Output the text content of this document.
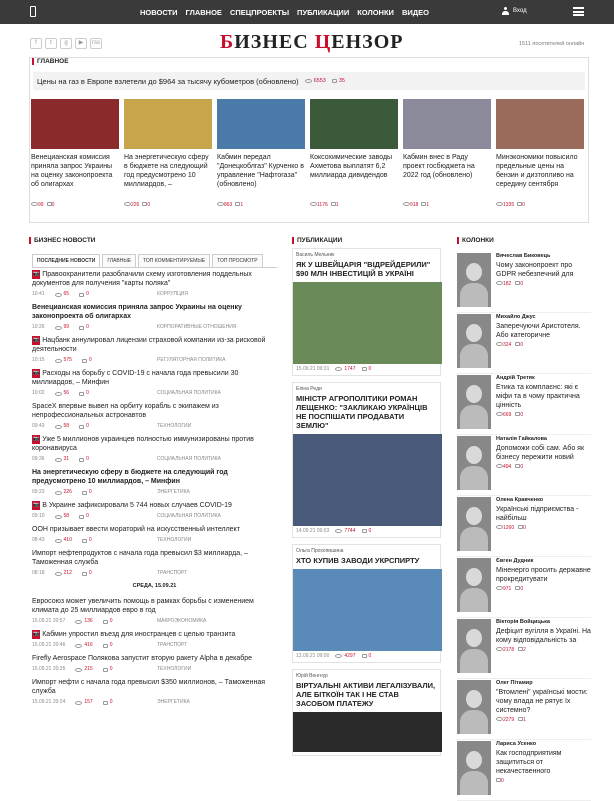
НОВОСТИ ГЛАВНОЕ СПЕЦПРОЕКТЫ ПУБЛИКАЦИИ КОЛОНКИ ВИДЕО	Вход
f	t	g	▶	rss	БИЗНЕС ЦЕНЗОР	1511 посетителей онлайн
ГЛАВНОЕ
Цены на газ в Европе взлетели до $964 за тысячу кубометров (обновлено)	6553 35
Венецианская комиссия приняла запрос Украины на оценку законопроекта об олигархах
99	0
На энергетическую сферу в бюджете на следующий год предусмотрено 10 миллиардов, –
226	0
Кабмин передал "Донецкоблгаз" Курченко в управление "Нафтогаза" (обновлено)
863	1
Коксохимические заводы Ахметова выплатят 6,2 миллиарда дивидендов
1176	1
Кабмин внес в Раду проект госбюджета на 2022 год (обновлено)
918	1
Минэкономики повысило предельные цены на бензин и дизтопливо на середину сентября
1335	0
БИЗНЕС НОВОСТИ
ПОСЛЕДНИЕ НОВОСТИ	ГЛАВНЫЕ	ТОП КОММЕНТИРУЕМЫЕ	ТОП ПРОСМОТР
📷 Правоохранители разоблачили схему изготовления поддельных документов для получения "карты поляка"
10:41	65	0	КОРРУПЦИЯ
Венецианская комиссия приняла запрос Украины на оценку законопроекта об олигархах
10:26	99	0	КОРПОРАТИВНЫЕ ОТНОШЕНИЯ
📷 Нацбанк аннулировал лицензии страховой компании из-за рисковой деятельности
10:15	575	0	РЕГУЛЯТОРНАЯ ПОЛИТИКА
📷 Расходы на борьбу с COVID-19 с начала года превысили 30 миллиардов, – Минфин
10:02	56	0	СОЦИАЛЬНАЯ ПОЛИТИКА
SpaceX впервые вывел на орбиту корабль с экипажем из непрофессиональных астронавтов
09:43	58	0	ТЕХНОЛОГИИ
📷 Уже 5 миллионов украинцев полностью иммунизированы против коронавируса
09:36	31	0	СОЦИАЛЬНАЯ ПОЛИТИКА
На энергетическую сферу в бюджете на следующий год предусмотрено 10 миллиардов, – Минфин
09:23	226	0	ЭНЕРГЕТИКА
📷 В Украине зафиксировали 5 744 новых случаев COVID-19
09:10	58	0	СОЦИАЛЬНАЯ ПОЛИТИКА
ООН призывает ввести мораторий на искусственный интеллект
08:43	410	0	ТЕХНОЛОГИИ
Импорт нефтепродуктов с начала года превысил $3 миллиарда, – Таможенная служба
08:18	212	0	ТРАНСПОРТ
СРЕДА, 15.09.21
Евросоюз может увеличить помощь в рамках борьбы с изменением климата до 25 миллиардов евро в год
15.09.21 20:57	136	0	МАКРОЭКОНОМИКА
📷 Кабмин упростил въезд для иностранцев с целью транзита
15.09.21 20:46	416	0	ТРАНСПОРТ
Firefly Aerospace Полякова запустит вторую ракету Alpha в декабре
15.09.21 20:35	215	0	ТЕХНОЛОГИИ
Импорт нефти с начала года превысил $350 миллионов, – Таможенная служба
15.09.21 20:24	157	0	ЭНЕРГЕТИКА
ПУБЛИКАЦИИ
Василь Мельник
ЯК У ШВЕЙЦАРІЯ "ВІДРЕЙДЕРИЛИ" $90 МЛН ІНВЕСТИЦІЙ В УКРАЇНІ
15.09.21 09:31	1747	0
Еліна Реди
МІНІСТР АГРОПОЛІТИКИ РОМАН ЛЕЩЕНКО: "ЗАКЛИКАЮ УКРАЇНЦІВ НЕ ПОСПІШАТИ ПРОДАВАТИ ЗЕМЛЮ"
14.09.21 09:03	7744	0
Ольга Прохопишина
ХТО КУПИВ ЗАВОДИ УКРСПИРТУ
13.09.21 09:00	4297	0
Юрій Венгнур
ВІРТУАЛЬНІ АКТИВИ ЛЕГАЛІЗУВАЛИ, АЛЕ БІТКОЇН ТАК І НЕ СТАВ ЗАСОБОМ ПЛАТЕЖУ
КОЛОНКИ
Вячеслав Биковець
Чому законопроект про GDPR небезпечний для
182	0
Михайло Джус
Заперечуючи Аристотеля. Або категоричне
324	0
Андрій Третяк
Етика та комплаєнс: які є міфи та в чому практична цінність
669	0
Наталія Гайкалова
Допоможи собі сам. Або як бізнесу пережити новий
494	0
Олена Кравченко
Українські підприємства - найбільш
1260	0
Євген Дудник
Міненерго просить державне прокредитувати
971	0
Вікторія Войцицька
Дефіцит вугілля в Україні. На кому відповідальність за
2178	2
Олег Пітамир
"Втомлені" українські мости: чому влада не рятує їх системно?
2279	1
Лариса Усенко
Как господприятиям защититься от некачественного
0
